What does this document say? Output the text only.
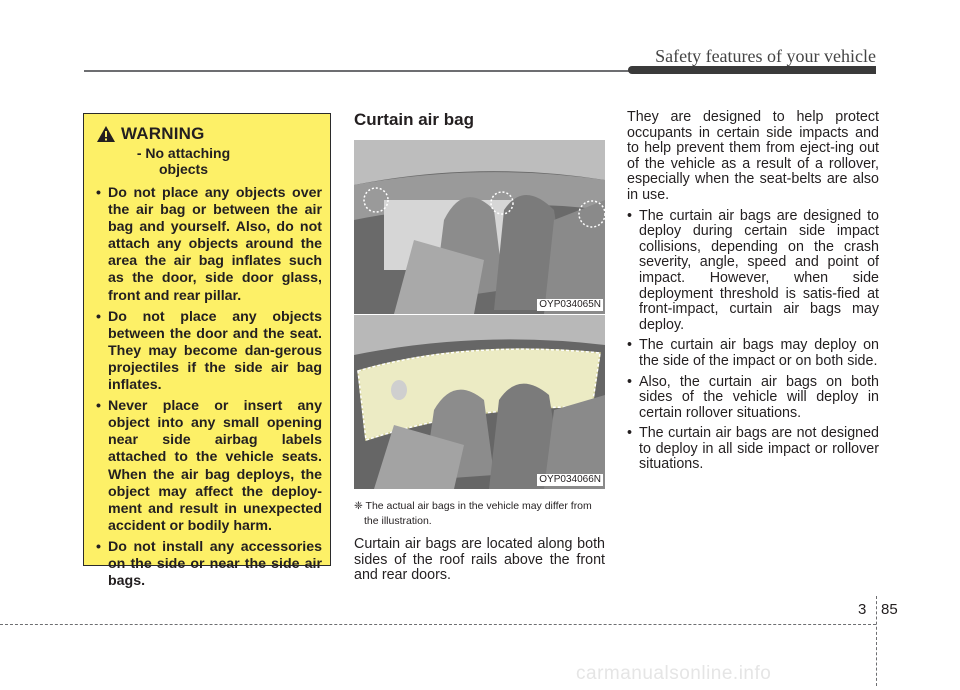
Safety features of your vehicle
WARNING - No attaching objects
• Do not place any objects over the air bag or between the air bag and yourself. Also, do not attach any objects around the area the air bag inflates such as the door, side door glass, front and rear pillar.
• Do not place any objects between the door and the seat. They may become dan-gerous projectiles if the side air bag inflates.
• Never place or insert any object into any small opening near side airbag labels attached to the vehicle seats. When the air bag deploys, the object may affect the deploy-ment and result in unexpected accident or bodily harm.
• Do not install any accessories on the side or near the side air bags.
Curtain air bag
OYP034065N
OYP034066N
❈ The actual air bags in the vehicle may differ from the illustration.
Curtain air bags are located along both sides of the roof rails above the front and rear doors.

They are designed to help protect occupants in certain side impacts and to help prevent them from eject-ing out of the vehicle as a result of a rollover, especially when the seat-belts are also in use.

• The curtain air bags are designed to deploy during certain side impact collisions, depending on the crash severity, angle, speed and point of impact. However, when side deployment threshold is satis-fied at front-impact, curtain air bags may deploy.
• The curtain air bags may deploy on the side of the impact or on both side.
• Also, the curtain air bags on both sides of the vehicle will deploy in certain rollover situations.
• The curtain air bags are not designed to deploy in all side impact or rollover situations.
3 85
carmanualsonline.info
